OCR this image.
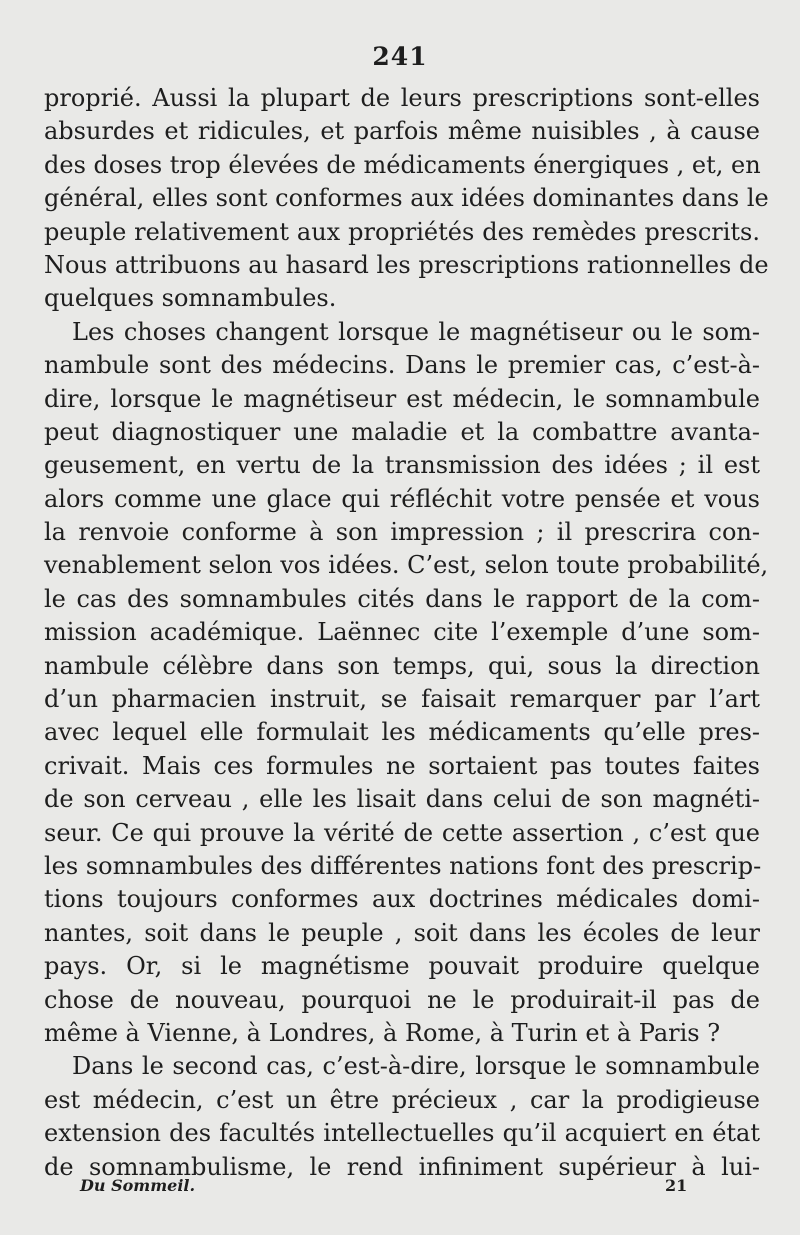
241
proprié. Aussi la plupart de leurs prescriptions sont-elles
absurdes et ridicules, et parfois même nuisibles , à cause
des doses trop élevées de médicaments énergiques , et, en
général, elles sont conformes aux idées dominantes dans le
peuple relativement aux propriétés des remèdes prescrits.
Nous attribuons au hasard les prescriptions rationnelles de
quelques somnambules.
Les choses changent lorsque le magnétiseur ou le som-
nambule sont des médecins. Dans le premier cas, c’est-à-
dire, lorsque le magnétiseur est médecin, le somnambule
peut diagnostiquer une maladie et la combattre avanta-
geusement, en vertu de la transmission des idées ; il est
alors comme une glace qui réfléchit votre pensée et vous
la renvoie conforme à son impression ; il prescrira con-
venablement selon vos idées. C’est, selon toute probabilité,
le cas des somnambules cités dans le rapport de la com-
mission académique. Laënnec cite l’exemple d’une som-
nambule célèbre dans son temps, qui, sous la direction
d’un pharmacien instruit, se faisait remarquer par l’art
avec lequel elle formulait les médicaments qu’elle pres-
crivait. Mais ces formules ne sortaient pas toutes faites
de son cerveau , elle les lisait dans celui de son magnéti-
seur. Ce qui prouve la vérité de cette assertion , c’est que
les somnambules des différentes nations font des prescrip-
tions toujours conformes aux doctrines médicales domi-
nantes, soit dans le peuple , soit dans les écoles de leur
pays. Or, si le magnétisme pouvait produire quelque
chose de nouveau, pourquoi ne le produirait-il pas de
même à Vienne, à Londres, à Rome, à Turin et à Paris ?
Dans le second cas, c’est-à-dire, lorsque le somnambule
est médecin, c’est un être précieux , car la prodigieuse
extension des facultés intellectuelles qu’il acquiert en état
de somnambulisme, le rend infiniment supérieur à lui-
Du Sommeil.	21
